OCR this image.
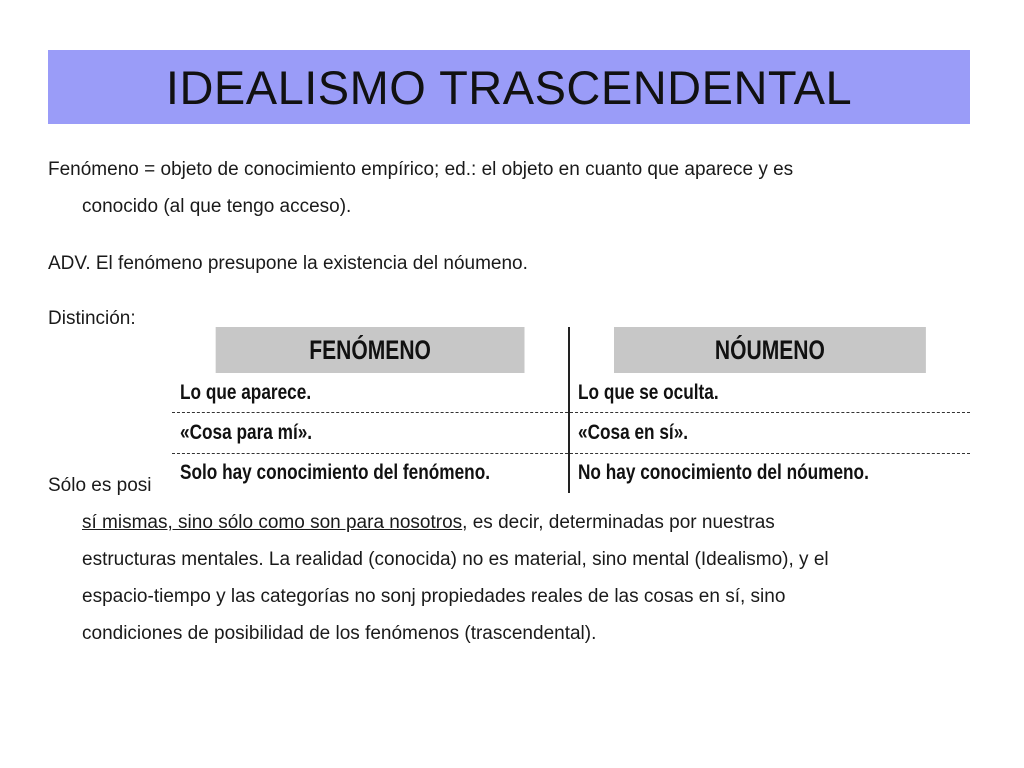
IDEALISMO TRASCENDENTAL

Fenómeno = objeto de conocimiento empírico; ed.: el objeto en cuanto que aparece y es
conocido (al que tengo acceso).

ADV. El fenómeno presupone la existencia del nóumeno.

Distinción:

Sólo es posi
sí mismas, sino sólo como son para nosotros, es decir, determinadas por nuestras
estructuras mentales. La realidad (conocida) no es material, sino mental (Idealismo), y el
espacio-tiempo y las categorías no sonj propiedades reales de las cosas en sí, sino
condiciones de posibilidad de los fenómenos (trascendental).

FENÓMENO	NÓUMENO
Lo que aparece.	Lo que se oculta.
«Cosa para mí».	«Cosa en sí».
Solo hay conocimiento del fenómeno.	No hay conocimiento del nóumeno.
